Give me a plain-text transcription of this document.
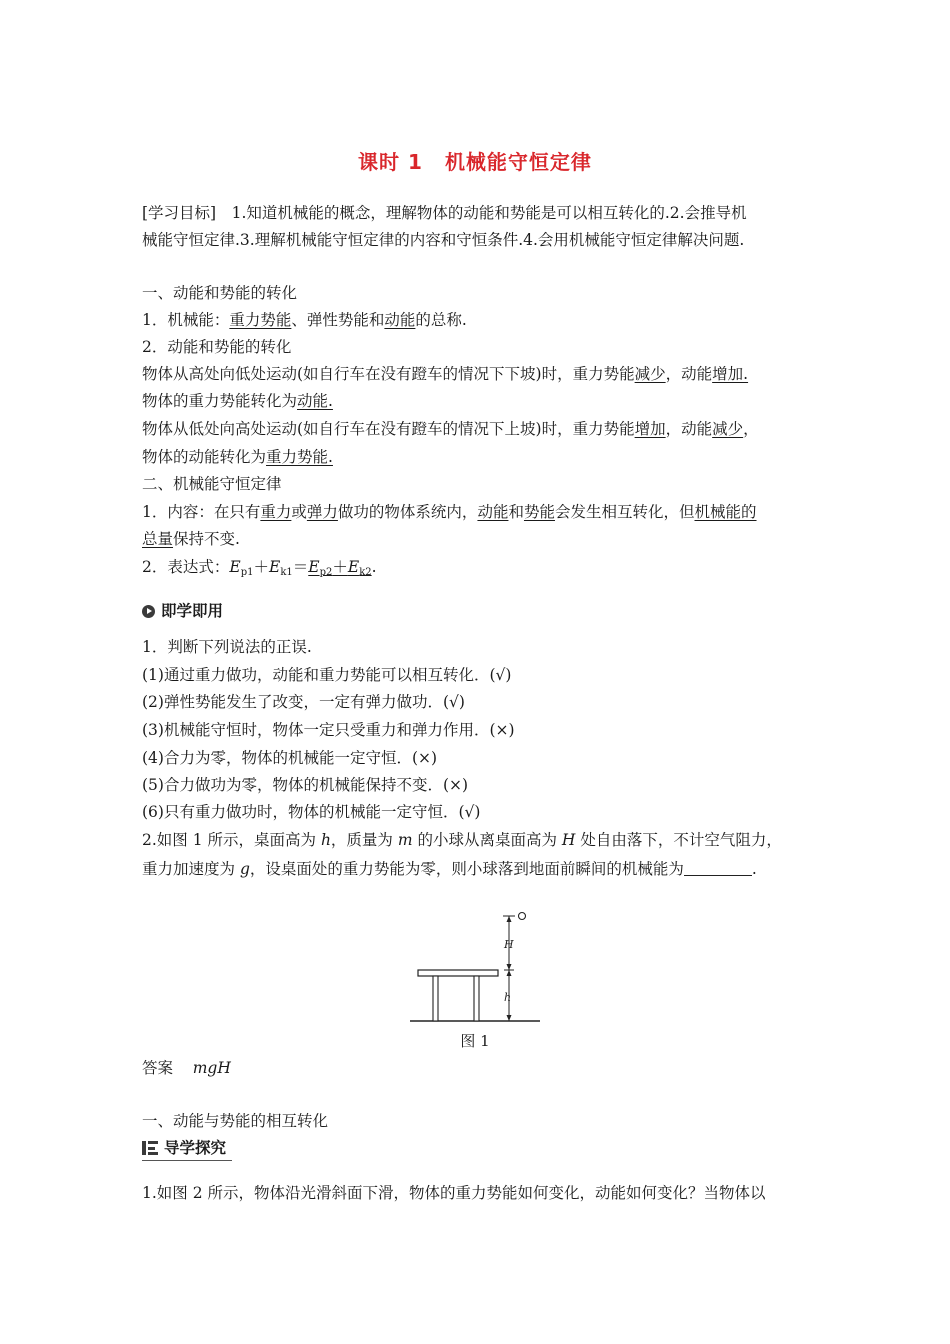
课时 1 机械能守恒定律
[学习目标]　1.知道机械能的概念，理解物体的动能和势能是可以相互转化的.2.会推导机
械能守恒定律.3.理解机械能守恒定律的内容和守恒条件.4.会用机械能守恒定律解决问题.
一、动能和势能的转化
1．机械能：重力势能、弹性势能和动能的总称.
2．动能和势能的转化
物体从高处向低处运动(如自行车在没有蹬车的情况下下坡)时，重力势能减少，动能增加.
物体的重力势能转化为动能.
物体从低处向高处运动(如自行车在没有蹬车的情况下上坡)时，重力势能增加，动能减少，
物体的动能转化为重力势能.
二、机械能守恒定律
1．内容：在只有重力或弹力做功的物体系统内，动能和势能会发生相互转化，但机械能的
总量保持不变.
2．表达式：$E_{p1}+E_{k1}=E_{p2}+E_{k2}$.
即学即用
1．判断下列说法的正误.
(1)通过重力做功，动能和重力势能可以相互转化．(√)
(2)弹性势能发生了改变，一定有弹力做功．(√)
(3)机械能守恒时，物体一定只受重力和弹力作用．(×)
(4)合力为零，物体的机械能一定守恒．(×)
(5)合力做功为零，物体的机械能保持不变．(×)
(6)只有重力做功时，物体的机械能一定守恒．(√)
2.如图 1 所示，桌面高为 h，质量为 m 的小球从离桌面高为 H 处自由落下，不计空气阻力，
重力加速度为 g，设桌面处的重力势能为零，则小球落到地面前瞬间的机械能为	.
H
h
图 1
答案 mgH
一、动能与势能的相互转化
导学探究
1.如图 2 所示，物体沿光滑斜面下滑，物体的重力势能如何变化，动能如何变化？当物体以
